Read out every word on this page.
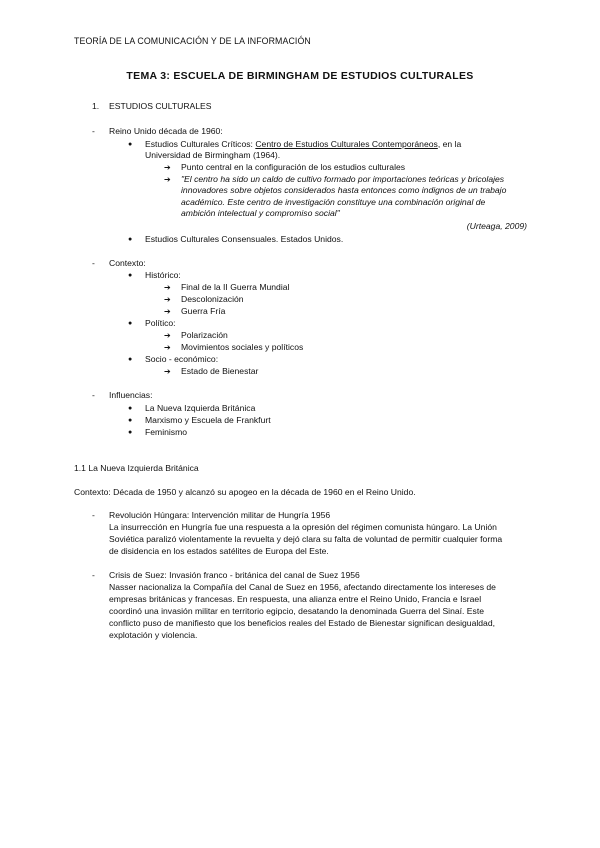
TEORÍA DE LA COMUNICACIÓN Y DE LA INFORMACIÓN
TEMA 3: ESCUELA DE BIRMINGHAM DE ESTUDIOS CULTURALES
1. ESTUDIOS CULTURALES
-	Reino Unido década de 1960:
● Estudios Culturales Críticos: Centro de Estudios Culturales Contemporáneos, en la
Universidad de Birmingham (1964).
➔ Punto central en la configuración de los estudios culturales
➔ "El centro ha sido un caldo de cultivo formado por importaciones teóricas y bricolajes
innovadores sobre objetos considerados hasta entonces como indignos de un trabajo
académico. Este centro de investigación constituye una combinación original de
ambición intelectual y compromiso social"
(Urteaga, 2009)
● Estudios Culturales Consensuales. Estados Unidos.
-	Contexto:
● Histórico:
➔ Final de la II Guerra Mundial
➔ Descolonización
➔ Guerra Fría
● Político:
➔ Polarización
➔ Movimientos sociales y políticos
● Socio - económico:
➔ Estado de Bienestar
-	Influencias:
● La Nueva Izquierda Británica
● Marxismo y Escuela de Frankfurt
● Feminismo
1.1 La Nueva Izquierda Británica
Contexto: Década de 1950 y alcanzó su apogeo en la década de 1960 en el Reino Unido.
-	Revolución Húngara: Intervención militar de Hungría 1956
La insurrección en Hungría fue una respuesta a la opresión del régimen comunista húngaro. La Unión
Soviética paralizó violentamente la revuelta y dejó clara su falta de voluntad de permitir cualquier forma
de disidencia en los estados satélites de Europa del Este.
-	Crisis de Suez: Invasión franco - británica del canal de Suez 1956
Nasser nacionaliza la Compañía del Canal de Suez en 1956, afectando directamente los intereses de
empresas británicas y francesas. En respuesta, una alianza entre el Reino Unido, Francia e Israel
coordinó una invasión militar en territorio egipcio, desatando la denominada Guerra del Sinaí. Este
conflicto puso de manifiesto que los beneficios reales del Estado de Bienestar significan desigualdad,
explotación y violencia.
